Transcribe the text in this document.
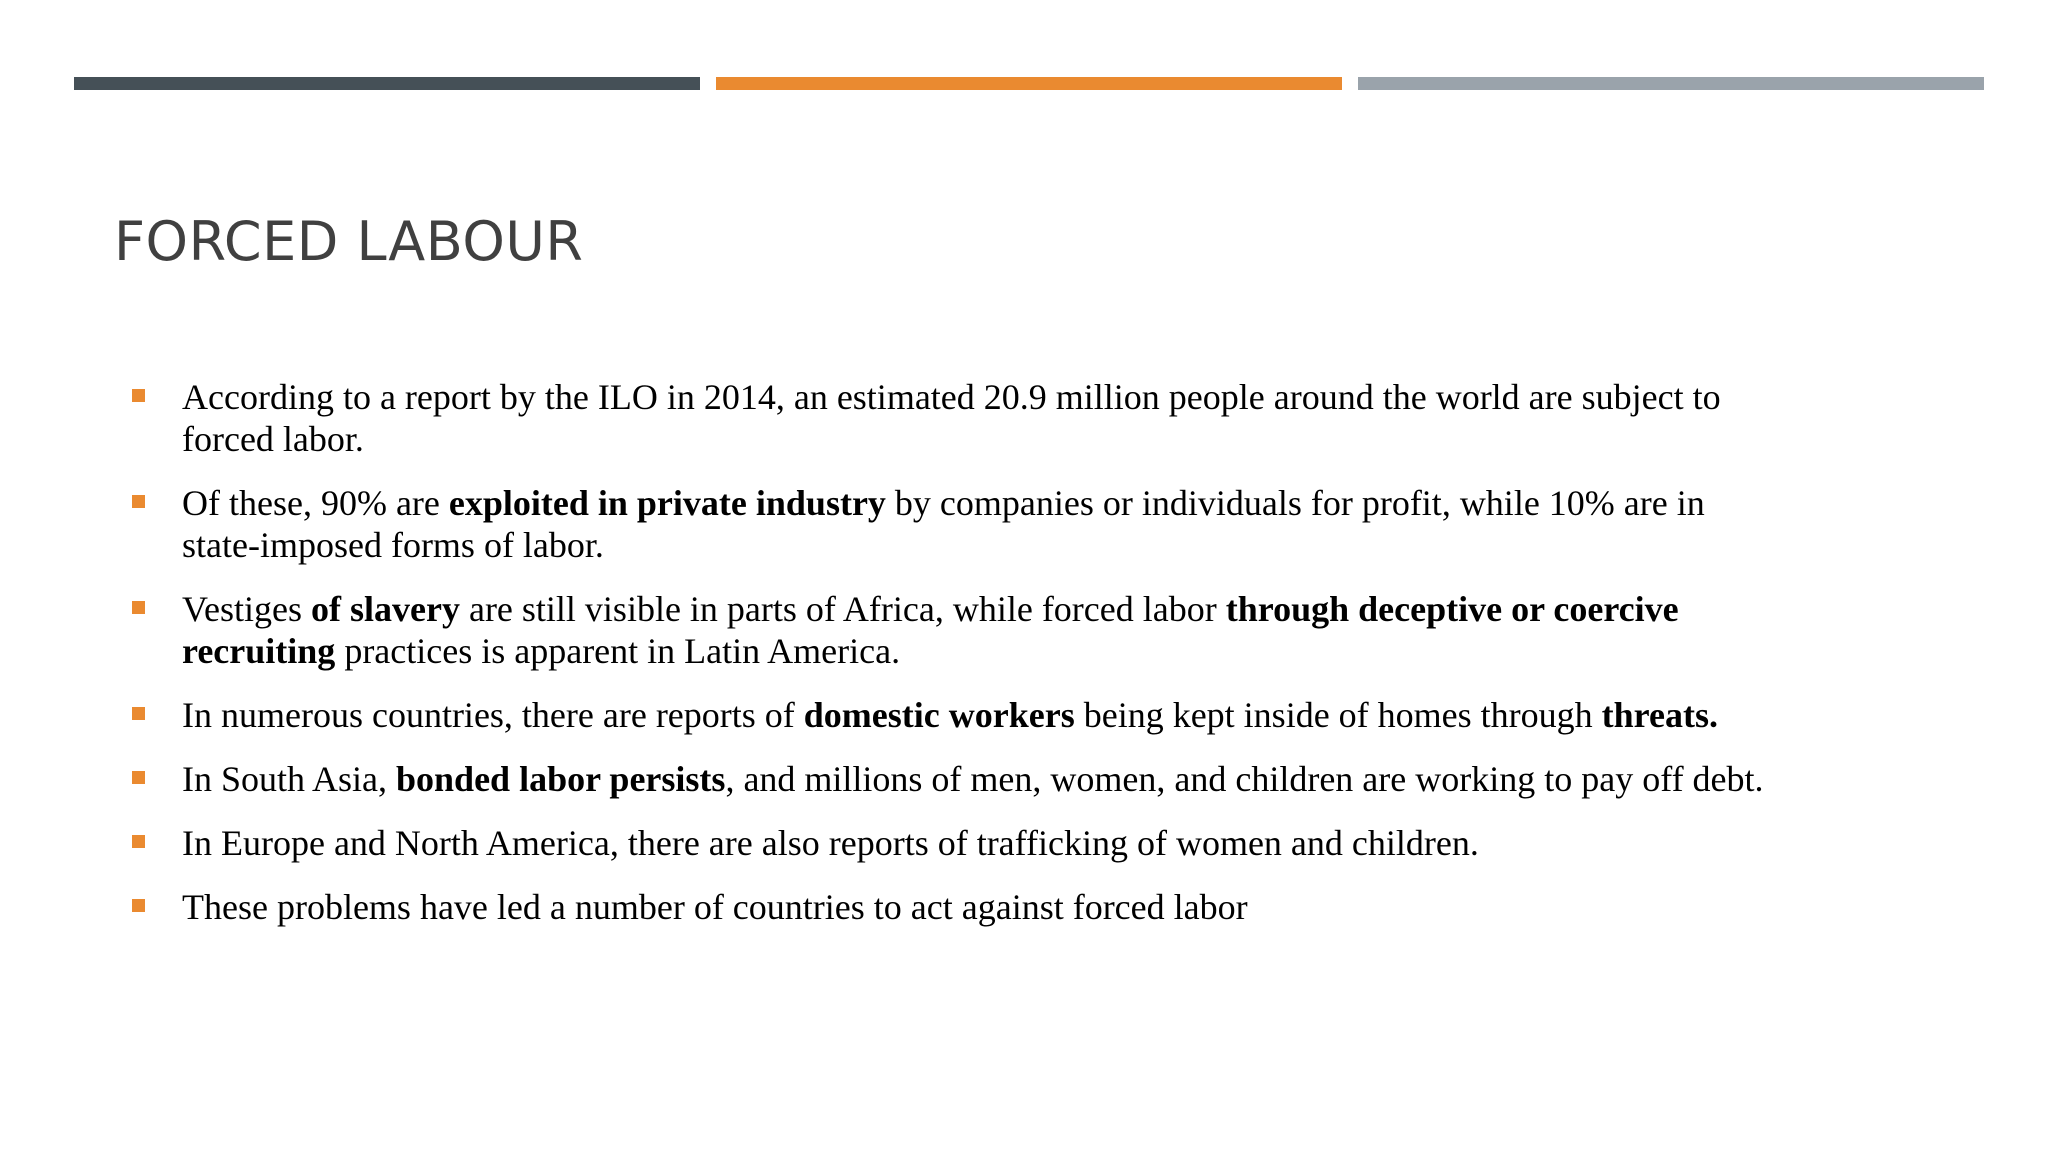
FORCED LABOUR
According to a report by the ILO in 2014, an estimated 20.9 million people around the world are subject to forced labor.
Of these, 90% are exploited in private industry by companies or individuals for profit, while 10% are in state-imposed forms of labor.
Vestiges of slavery are still visible in parts of Africa, while forced labor through deceptive or coercive recruiting practices is apparent in Latin America.
In numerous countries, there are reports of domestic workers being kept inside of homes through threats.
In South Asia, bonded labor persists, and millions of men, women, and children are working to pay off debt.
In Europe and North America, there are also reports of trafficking of women and children.
These problems have led a number of countries to act against forced labor
